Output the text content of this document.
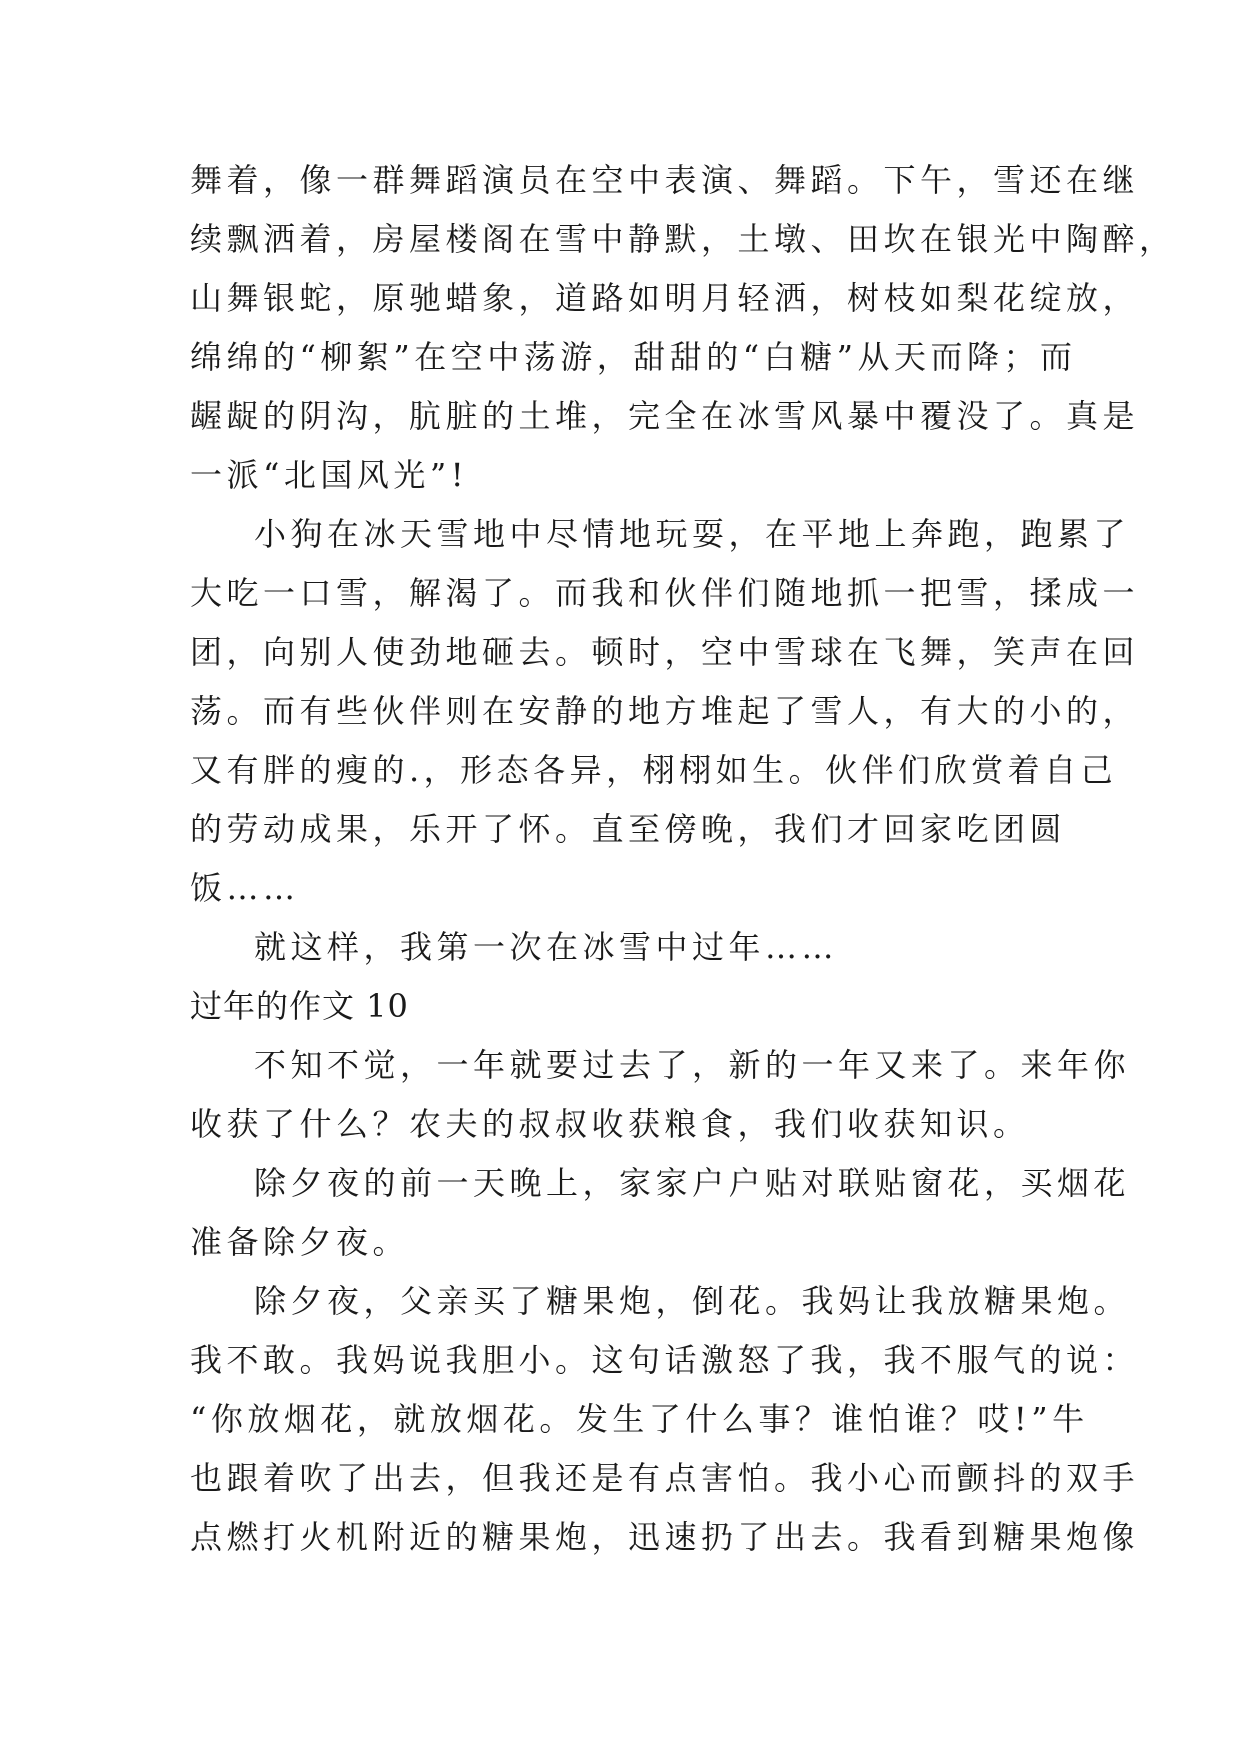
舞着，像一群舞蹈演员在空中表演、舞蹈。下午，雪还在继
续飘洒着，房屋楼阁在雪中静默，土墩、田坎在银光中陶醉，
山舞银蛇，原驰蜡象，道路如明月轻洒，树枝如梨花绽放，
绵绵的“柳絮”在空中荡游，甜甜的“白糖”从天而降；而
龌龊的阴沟，肮脏的土堆，完全在冰雪风暴中覆没了。真是
一派“北国风光”!
小狗在冰天雪地中尽情地玩耍，在平地上奔跑，跑累了
大吃一口雪，解渴了。而我和伙伴们随地抓一把雪，揉成一
团，向别人使劲地砸去。顿时，空中雪球在飞舞，笑声在回
荡。而有些伙伴则在安静的地方堆起了雪人，有大的小的，
又有胖的瘦的.，形态各异，栩栩如生。伙伴们欣赏着自己
的劳动成果，乐开了怀。直至傍晚，我们才回家吃团圆
饭……
就这样，我第一次在冰雪中过年……
过年的作文 10
不知不觉，一年就要过去了，新的一年又来了。来年你
收获了什么？农夫的叔叔收获粮食，我们收获知识。
除夕夜的前一天晚上，家家户户贴对联贴窗花，买烟花
准备除夕夜。
除夕夜，父亲买了糖果炮，倒花。我妈让我放糖果炮。
我不敢。我妈说我胆小。这句话激怒了我，我不服气的说：
“你放烟花，就放烟花。发生了什么事？谁怕谁？哎!”牛
也跟着吹了出去，但我还是有点害怕。我小心而颤抖的双手
点燃打火机附近的糖果炮，迅速扔了出去。我看到糖果炮像
